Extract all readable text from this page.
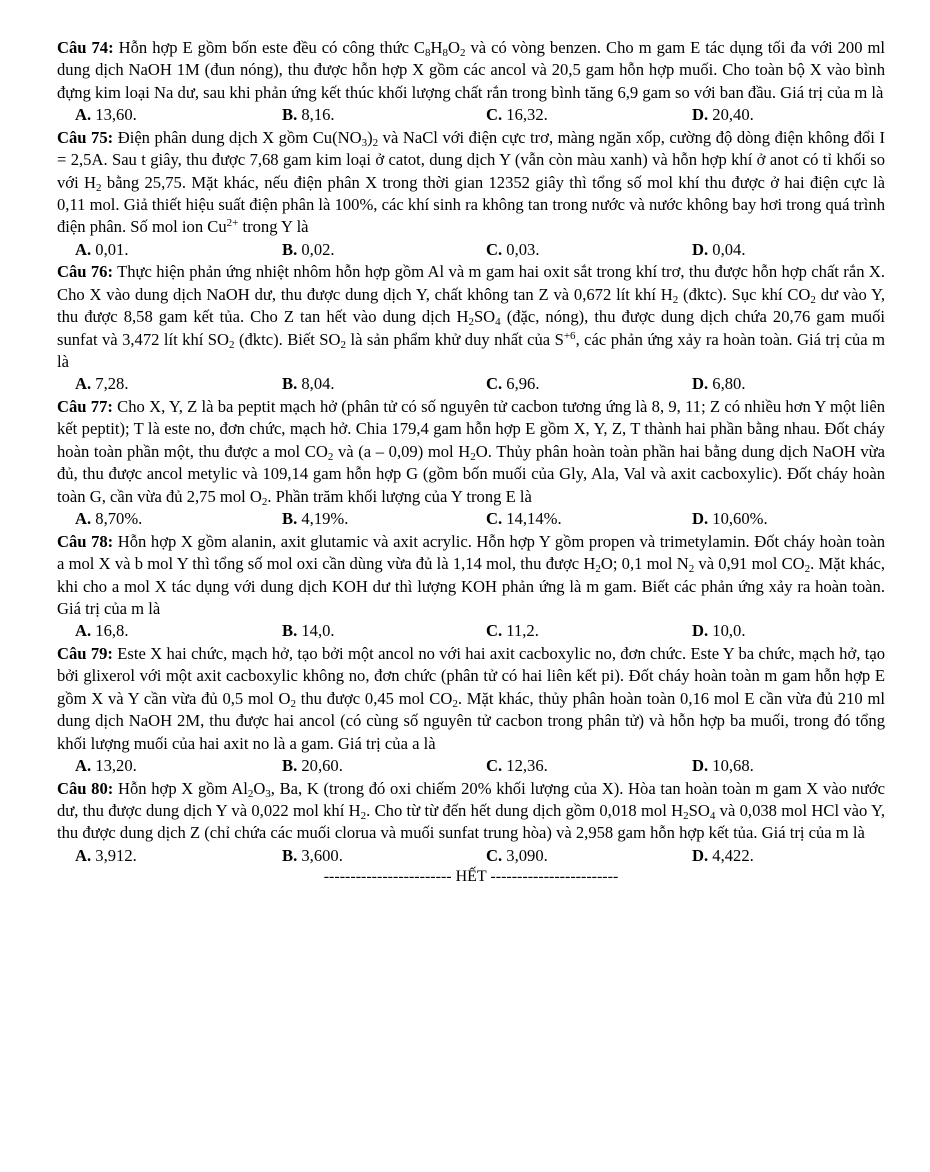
Câu 74: Hỗn hợp E gồm bốn este đều có công thức $C_8H_8O_2$ và có vòng benzen. Cho m gam E tác dụng tối đa với 200 ml dung dịch NaOH 1M (đun nóng), thu được hỗn hợp X gồm các ancol và 20,5 gam hỗn hợp muối. Cho toàn bộ X vào bình đựng kim loại Na dư, sau khi phản ứng kết thúc khối lượng chất rắn trong bình tăng 6,9 gam so với ban đầu. Giá trị của m là

A. 13,60.	B. 8,16.	C. 16,32.	D. 20,40.

Câu 75: Điện phân dung dịch X gồm $Cu(NO_3)_2$ và NaCl với điện cực trơ, màng ngăn xốp, cường độ dòng điện không đổi I = 2,5A. Sau t giây, thu được 7,68 gam kim loại ở catot, dung dịch Y (vẫn còn màu xanh) và hỗn hợp khí ở anot có tỉ khối so với $H_2$ bằng 25,75. Mặt khác, nếu điện phân X trong thời gian 12352 giây thì tổng số mol khí thu được ở hai điện cực là 0,11 mol. Giả thiết hiệu suất điện phân là 100%, các khí sinh ra không tan trong nước và nước không bay hơi trong quá trình điện phân. Số mol ion $Cu^{2+}$ trong Y là

A. 0,01.	B. 0,02.	C. 0,03.	D. 0,04.

Câu 76: Thực hiện phản ứng nhiệt nhôm hỗn hợp gồm Al và m gam hai oxit sắt trong khí trơ, thu được hỗn hợp chất rắn X. Cho X vào dung dịch NaOH dư, thu được dung dịch Y, chất không tan Z và 0,672 lít khí $H_2$ (đktc). Sục khí $CO_2$ dư vào Y, thu được 8,58 gam kết tủa. Cho Z tan hết vào dung dịch $H_2SO_4$ (đặc, nóng), thu được dung dịch chứa 20,76 gam muối sunfat và 3,472 lít khí $SO_2$ (đktc). Biết $SO_2$ là sản phẩm khử duy nhất của $S^{+6}$, các phản ứng xảy ra hoàn toàn. Giá trị của m là

A. 7,28.	B. 8,04.	C. 6,96.	D. 6,80.

Câu 77: Cho X, Y, Z là ba peptit mạch hở (phân tử có số nguyên tử cacbon tương ứng là 8, 9, 11; Z có nhiều hơn Y một liên kết peptit); T là este no, đơn chức, mạch hở. Chia 179,4 gam hỗn hợp E gồm X, Y, Z, T thành hai phần bằng nhau. Đốt cháy hoàn toàn phần một, thu được a mol $CO_2$ và (a – 0,09) mol $H_2O$. Thủy phân hoàn toàn phần hai bằng dung dịch NaOH vừa đủ, thu được ancol metylic và 109,14 gam hỗn hợp G (gồm bốn muối của Gly, Ala, Val và axit cacboxylic). Đốt cháy hoàn toàn G, cần vừa đủ 2,75 mol $O_2$. Phần trăm khối lượng của Y trong E là

A. 8,70%.	B. 4,19%.	C. 14,14%.	D. 10,60%.

Câu 78: Hỗn hợp X gồm alanin, axit glutamic và axit acrylic. Hỗn hợp Y gồm propen và trimetylamin. Đốt cháy hoàn toàn a mol X và b mol Y thì tổng số mol oxi cần dùng vừa đủ là 1,14 mol, thu được $H_2O$; 0,1 mol $N_2$ và 0,91 mol $CO_2$. Mặt khác, khi cho a mol X tác dụng với dung dịch KOH dư thì lượng KOH phản ứng là m gam. Biết các phản ứng xảy ra hoàn toàn. Giá trị của m là

A. 16,8.	B. 14,0.	C. 11,2.	D. 10,0.

Câu 79: Este X hai chức, mạch hở, tạo bởi một ancol no với hai axit cacboxylic no, đơn chức. Este Y ba chức, mạch hở, tạo bởi glixerol với một axit cacboxylic không no, đơn chức (phân tử có hai liên kết pi). Đốt cháy hoàn toàn m gam hỗn hợp E gồm X và Y cần vừa đủ 0,5 mol $O_2$ thu được 0,45 mol $CO_2$. Mặt khác, thủy phân hoàn toàn 0,16 mol E cần vừa đủ 210 ml dung dịch NaOH 2M, thu được hai ancol (có cùng số nguyên tử cacbon trong phân tử) và hỗn hợp ba muối, trong đó tổng khối lượng muối của hai axit no là a gam. Giá trị của a là

A. 13,20.	B. 20,60.	C. 12,36.	D. 10,68.

Câu 80: Hỗn hợp X gồm $Al_2O_3$, Ba, K (trong đó oxi chiếm 20% khối lượng của X). Hòa tan hoàn toàn m gam X vào nước dư, thu được dung dịch Y và 0,022 mol khí $H_2$. Cho từ từ đến hết dung dịch gồm 0,018 mol $H_2SO_4$ và 0,038 mol HCl vào Y, thu được dung dịch Z (chỉ chứa các muối clorua và muối sunfat trung hòa) và 2,958 gam hỗn hợp kết tủa. Giá trị của m là

A. 3,912.	B. 3,600.	C. 3,090.	D. 4,422.
------------------------ HẾT ------------------------
